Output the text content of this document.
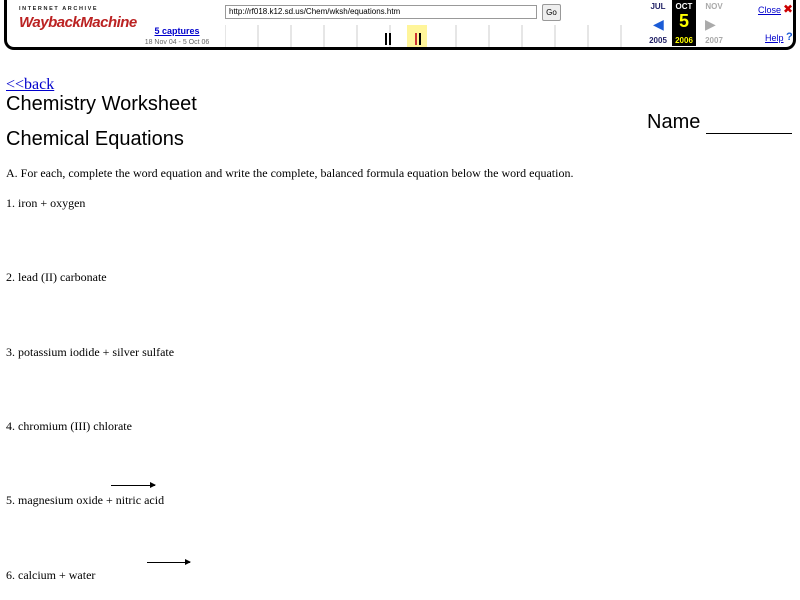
INTERNET ARCHIVE
WaybackMachine
http://rf018.k12.sd.us/Chem/wksh/equations.htm	Go
5 captures
18 Nov 04 - 5 Oct 06
JUL
2005
◀
OCT
5
2006
▶
NOV
2007
Close ✖
Help ?
<<back
Chemistry Worksheet
Chemical Equations
Name
A. For each, complete the word equation and write the complete, balanced formula equation below the word equation.
1. iron + oxygen
2. lead (II) carbonate
3. potassium iodide + silver sulfate
4. chromium (III) chlorate
5. magnesium oxide + nitric acid
6. calcium + water
